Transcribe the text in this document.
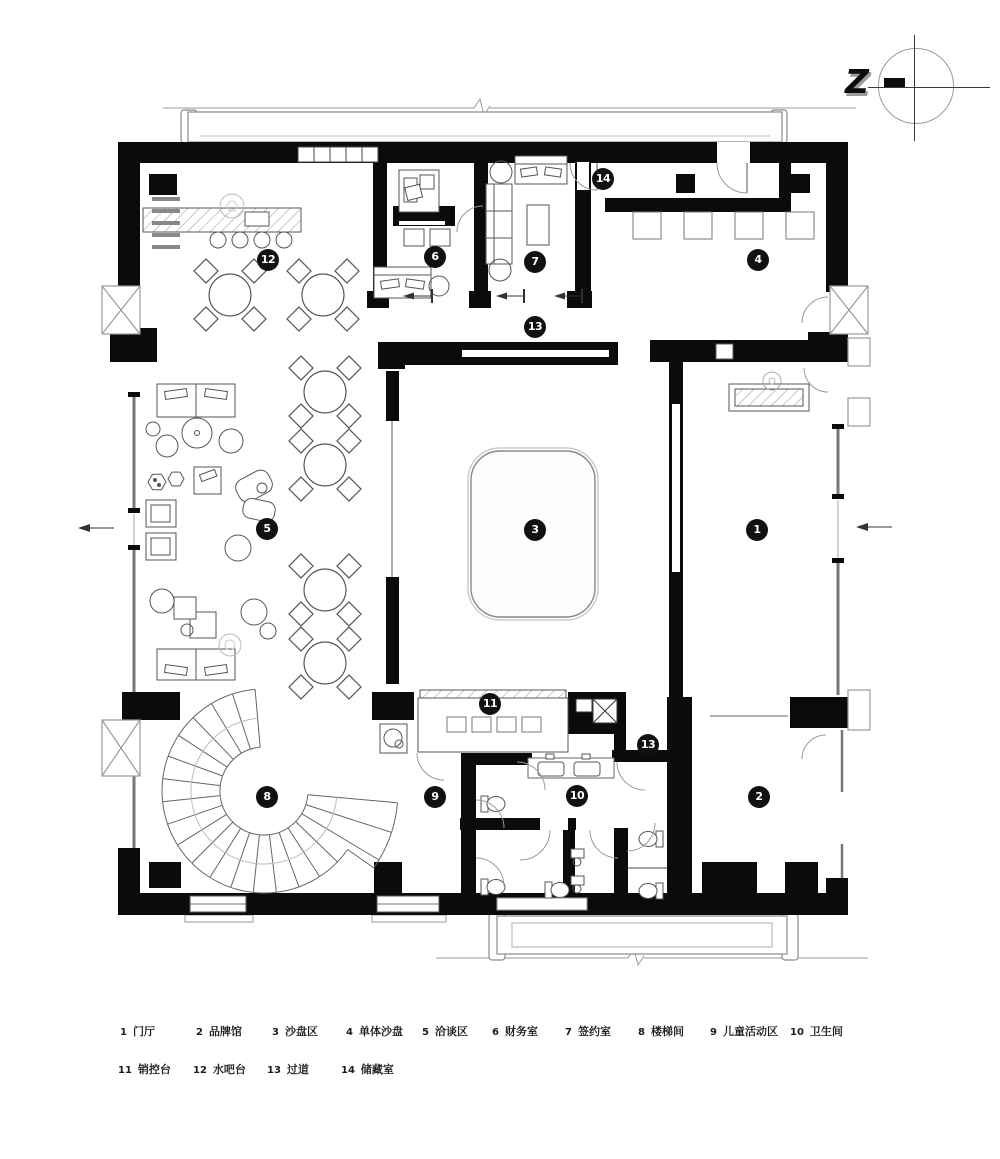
Z
1
2
3
4
5
6	7
8	9	10
11
12
13
13
14
1 门厅	2 品牌馆	3 沙盘区	4 单体沙盘 5 洽谈区 6 财务室	7 签约室	8 楼梯间	9 儿童活动区 10 卫生间
11 销控台 12 水吧台 13 过道	14 储藏室
